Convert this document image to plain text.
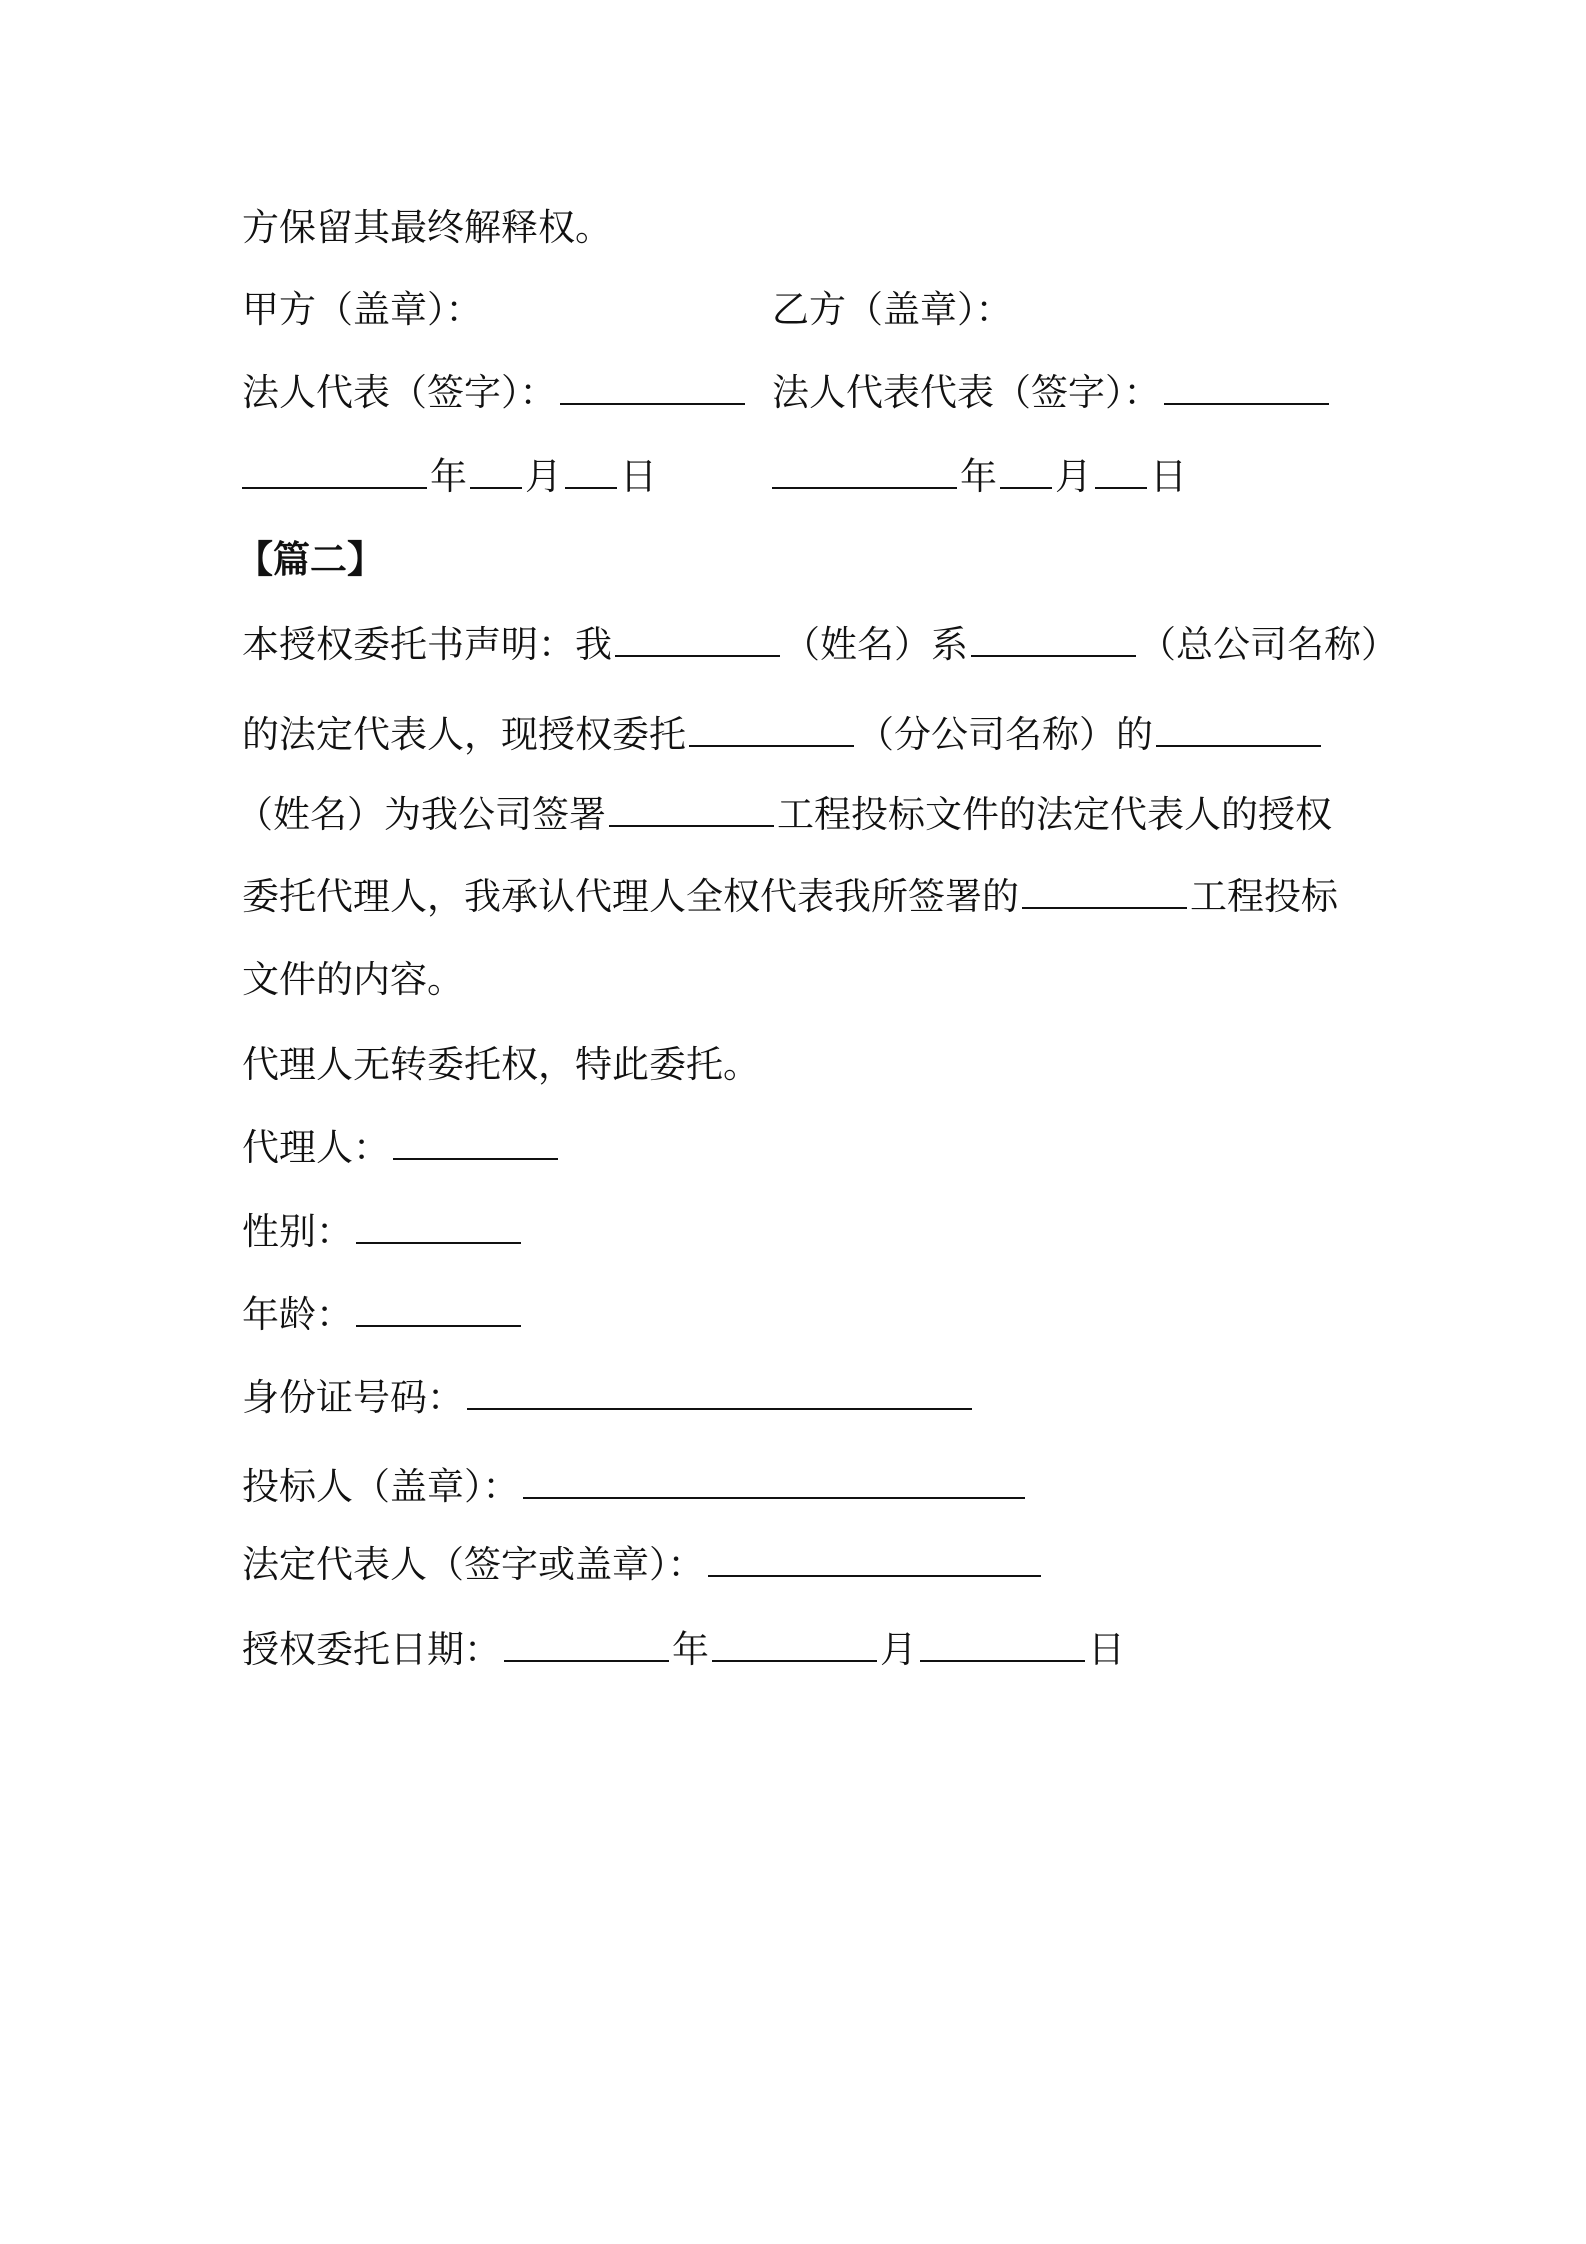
方保留其最终解释权。
甲方（盖章）：	乙方（盖章）：
法人代表（签字）：	法人代表代表（签字）：
年 月 日	年 月 日
【篇二】
本授权委托书声明：我	（姓名）系	（总公司名称）
的法定代表人，现授权委托	（分公司名称）的
（姓名）为我公司签署	工程投标文件的法定代表人的授权
委托代理人，我承认代理人全权代表我所签署的	工程投标
文件的内容。
代理人无转委托权，特此委托。
代理人：
性别：
年龄：
身份证号码：
投标人（盖章）：
法定代表人（签字或盖章）：
授权委托日期：	年	月	日
